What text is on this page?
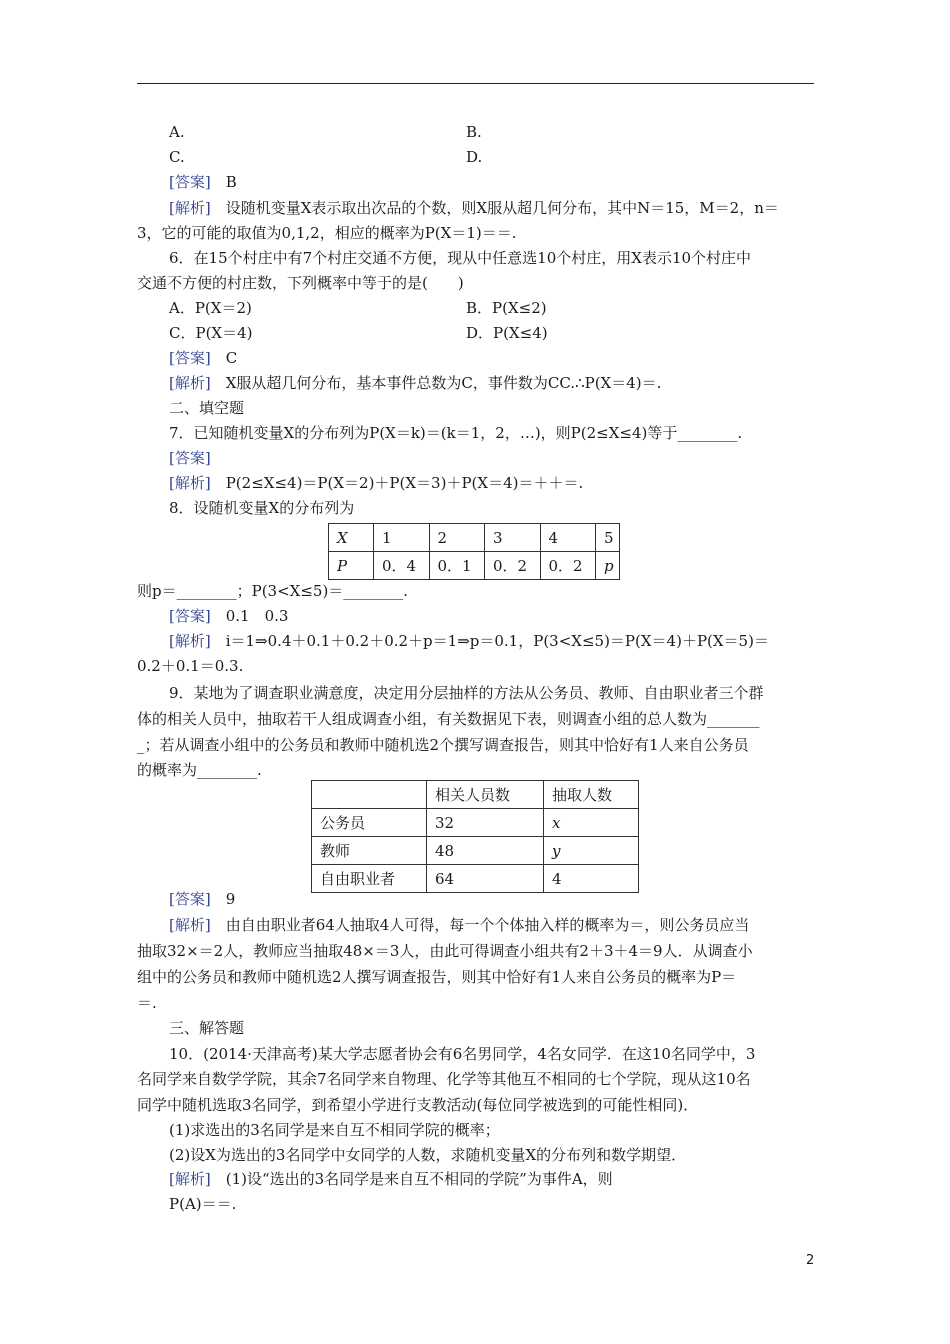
A.	B.
C.	D.
[答案]　B
[解析]　设随机变量X表示取出次品的个数，则X服从超几何分布，其中N＝15，M＝2，n＝
3，它的可能的取值为0,1,2，相应的概率为P(X＝1)＝＝.
6．在15个村庄中有7个村庄交通不方便，现从中任意选10个村庄，用X表示10个村庄中
交通不方便的村庄数，下列概率中等于的是(　　)
A．P(X＝2)	B．P(X≤2)
C．P(X＝4)	D．P(X≤4)
[答案]　C
[解析]　X服从超几何分布，基本事件总数为C，事件数为CC.∴P(X＝4)＝.
二、填空题
7．已知随机变量X的分布列为P(X＝k)＝(k＝1，2，…)，则P(2≤X≤4)等于________.
[答案]
[解析]　P(2≤X≤4)＝P(X＝2)＋P(X＝3)＋P(X＝4)＝＋＋＝.
8．设随机变量X的分布列为
X	1	2	3	4	5
P	0．4	0．1	0．2	0．2	p
则p＝________；P(3<X≤5)＝________.
[答案]　0.1　0.3
[解析]　i＝1⇒0.4＋0.1＋0.2＋0.2＋p＝1⇒p＝0.1，P(3<X≤5)＝P(X＝4)＋P(X＝5)＝
0.2＋0.1＝0.3.
9．某地为了调查职业满意度，决定用分层抽样的方法从公务员、教师、自由职业者三个群
体的相关人员中，抽取若干人组成调查小组，有关数据见下表，则调查小组的总人数为_______
_；若从调查小组中的公务员和教师中随机选2个撰写调查报告，则其中恰好有1人来自公务员
的概率为________.
	相关人员数	抽取人数
公务员	32	x
教师	48	y
自由职业者	64	4
[答案]　9
[解析]　由自由职业者64人抽取4人可得，每一个个体抽入样的概率为＝，则公务员应当
抽取32×＝2人，教师应当抽取48×＝3人，由此可得调查小组共有2＋3＋4＝9人．从调查小
组中的公务员和教师中随机选2人撰写调查报告，则其中恰好有1人来自公务员的概率为P＝
＝.
三、解答题
10．(2014·天津高考)某大学志愿者协会有6名男同学，4名女同学．在这10名同学中，3
名同学来自数学学院，其余7名同学来自物理、化学等其他互不相同的七个学院，现从这10名
同学中随机选取3名同学，到希望小学进行支教活动(每位同学被选到的可能性相同)．
(1)求选出的3名同学是来自互不相同学院的概率；
(2)设X为选出的3名同学中女同学的人数，求随机变量X的分布列和数学期望．
[解析]　(1)设“选出的3名同学是来自互不相同的学院”为事件A，则
P(A)＝＝.
2
